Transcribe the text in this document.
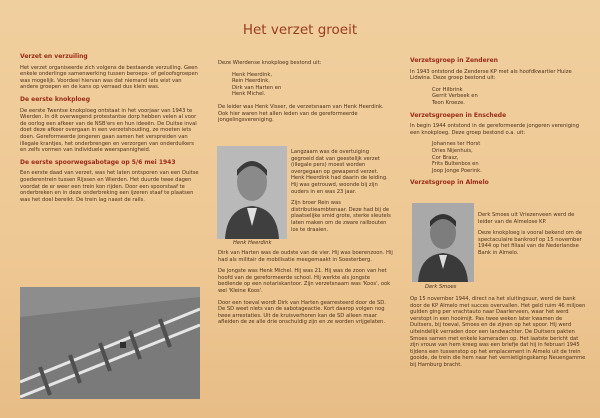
Het verzet groeit
Verzet en verzuiling

Het verzet organiseerde zich volgens de bestaande verzuiling. Geen enkele onderlinge samenwerking tussen beroeps- of geloofsgroepen was mogelijk. Voordeel hiervan was dat niemand iets wist van andere groepen en de kans op verraad dus klein was.

De eerste knokploeg

De eerste Twentse knokploeg ontstaat in het voorjaar van 1943 te Wierden. In dit overwegend protestantse dorp hebben velen al voor de oorlog een afkeer van de NSB'ers en hun ideeën. De Duitse inval doet deze afkeer overgaan in een verzetshouding, ze moeten iets doen. Gereformeerde jongeren gaan samen het verspreiden van illegale krantjes, het onderbrengen en verzorgen van onderduikers en zelfs vormen van individuele weerspannigheid.

De eerste spoorwegsabotage op 5/6 mei 1943

Een eerste daad van verzet, was het laten ontsporen van een Duitse goederentrein tussen Rijssen en Wierden. Het duurde twee dagen voordat de er weer een trein kon rijden. Door een spoorstaaf te onderbreken en in deze onderbreking een ijzeren staaf te plaatsen was het doel bereikt. De trein lag naast de rails.

Deze Wierdense knokploeg bestond uit:

Henk Heerdink,
Rein Heerdink,
Dirk van Harten en
Henk Michel.

De leider was Henk Visser, de verzetsnaam van Henk Heerdink. Ook hier waren het allen leden van de gereformeerde jongelingsvereniging.

Henk Heerdink

Langzaam was de overtuiging gegroeid dat van geestelijk verzet (illegale pers) moest worden overgegaan op gewapend verzet. Henk Heerdink had daarin de leiding. Hij was getrouwd, woonde bij zijn ouders in en was 23 jaar.

Zijn broer Rein was distributieambtenaar. Deze had bij de plaatselijke smid grote, sterke sleutels laten maken om de zware railbouten los te draaien.

Dirk van Harten was de oudste van de vier. Hij was boerenzoon. Hij had als militair de mobilisatie meegemaakt in Soesterberg.

De jongste was Henk Michel. Hij was 21. Hij was de zoon van het hoofd van de gereformeerde school. Hij werkte als jongste bediende op een notariskantoor. Zijn verzetsnaam was 'Koos', ook wel 'Kleine Koos'.

Door een toeval wordt Dirk van Harten gearresteerd door de SD. De SD weet niets van de sabotageactie. Kort daarop volgen nog twee arrestaties. Uit de kruisverhoren kan de SD alleen maar afleiden de ze alle drie onschuldig zijn en ze worden vrijgelaten.

Verzetsgroep in Zenderen

In 1943 ontstond de Zenderse KP met als hoofdkwartier Huize Lidwina. Deze groep bestond uit:

Cor Hilbrink
Gerrit Verbeek en
Teon Kroeze.
Verzetsgroepen in Enschede

In begin 1944 ontstond in de gereformeerde jongeren vereniging een knokploeg. Deze groep bestond o.a. uit:

Johannes ter Horst
Dries Nijenhuis,
Cor Brasz,
Frits Bultenbos en
Joop Jonge Poerink.
Verzetsgroep in Almelo
Derk Smoes

Derk Smoes uit Vriezenveen werd de leider van de Almelose KP.

Deze knokploeg is vooral bekend om de spectaculaire bankroof op 15 november 1944 op het filiaal van de Nederlandse Bank in Almelo.

Op 15 november 1944, direct na het sluitingsuur, werd de bank door de KP Almelo met succes overvallen. Het geld ruim 46 miljoen gulden ging per vrachtauto naar Daarlerveen, waar het werd verstopt in een hooimijt. Pas twee weken later kwamen de Duitsers, bij toeval, Smoes en de zijnen op het spoor. Hij werd uiteindelijk verraden door een landwachter. De Duitsers pakten Smoes samen met enkele kameraden op. Het laatste bericht dat zijn vrouw van hem kreeg was een briefje dat hij in februari 1945 tijdens een tussenstop op het emplacement in Almelo uit de trein gooide, de trein die hem naar het vernietigingskamp Neuengamme bij Hamburg bracht.
